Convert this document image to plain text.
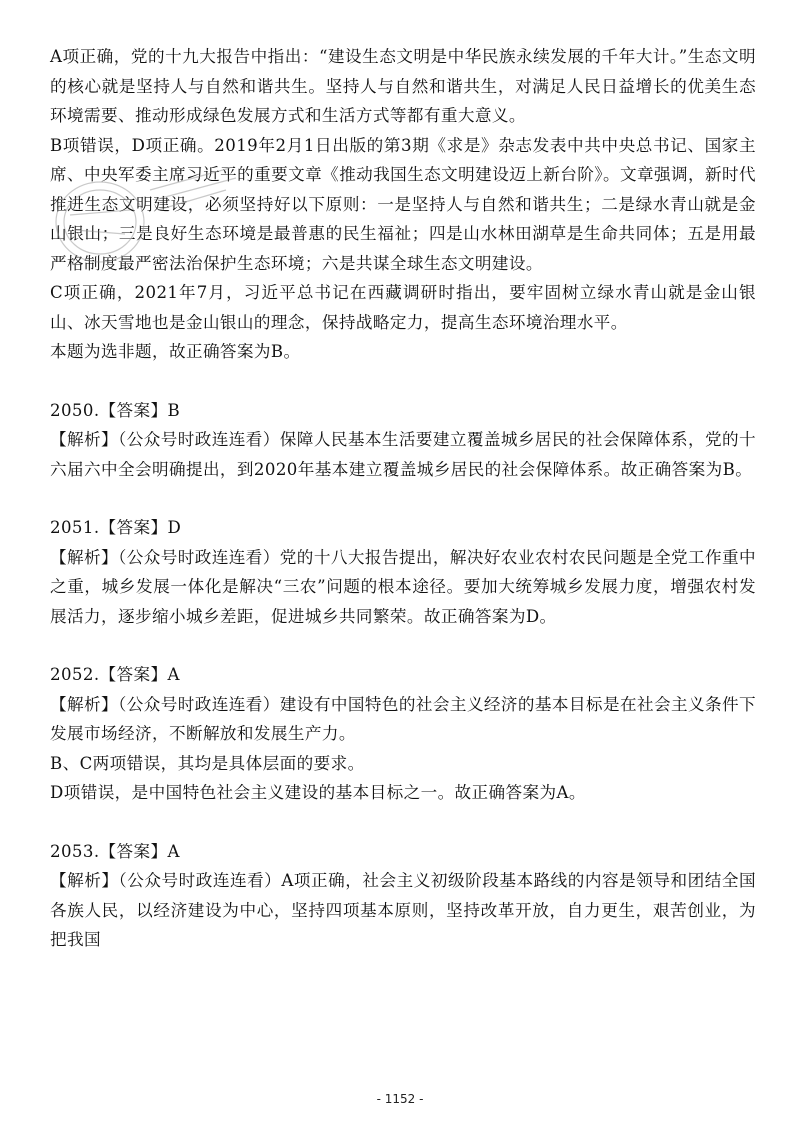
A项正确，党的十九大报告中指出：“建设生态文明是中华民族永续发展的千年大计。”生态文明的核心就是坚持人与自然和谐共生。坚持人与自然和谐共生，对满足人民日益增长的优美生态环境需要、推动形成绿色发展方式和生活方式等都有重大意义。

B项错误，D项正确。2019年2月1日出版的第3期《求是》杂志发表中共中央总书记、国家主席、中央军委主席习近平的重要文章《推动我国生态文明建设迈上新台阶》。文章强调，新时代推进生态文明建设，必须坚持好以下原则：一是坚持人与自然和谐共生；二是绿水青山就是金山银山；三是良好生态环境是最普惠的民生福祉；四是山水林田湖草是生命共同体；五是用最严格制度最严密法治保护生态环境；六是共谋全球生态文明建设。

C项正确，2021年7月，习近平总书记在西藏调研时指出，要牢固树立绿水青山就是金山银山、冰天雪地也是金山银山的理念，保持战略定力，提高生态环境治理水平。

本题为选非题，故正确答案为B。

2050.【答案】B

【解析】（公众号时政连连看）保障人民基本生活要建立覆盖城乡居民的社会保障体系，党的十六届六中全会明确提出，到2020年基本建立覆盖城乡居民的社会保障体系。故正确答案为B。

2051.【答案】D

【解析】（公众号时政连连看）党的十八大报告提出，解决好农业农村农民问题是全党工作重中之重，城乡发展一体化是解决“三农”问题的根本途径。要加大统筹城乡发展力度，增强农村发展活力，逐步缩小城乡差距，促进城乡共同繁荣。故正确答案为D。

2052.【答案】A

【解析】（公众号时政连连看）建设有中国特色的社会主义经济的基本目标是在社会主义条件下发展市场经济，不断解放和发展生产力。

B、C两项错误，其均是具体层面的要求。

D项错误，是中国特色社会主义建设的基本目标之一。故正确答案为A。

2053.【答案】A

【解析】（公众号时政连连看）A项正确，社会主义初级阶段基本路线的内容是领导和团结全国各族人民，以经济建设为中心，坚持四项基本原则，坚持改革开放，自力更生，艰苦创业，为把我国

- 1152 -
